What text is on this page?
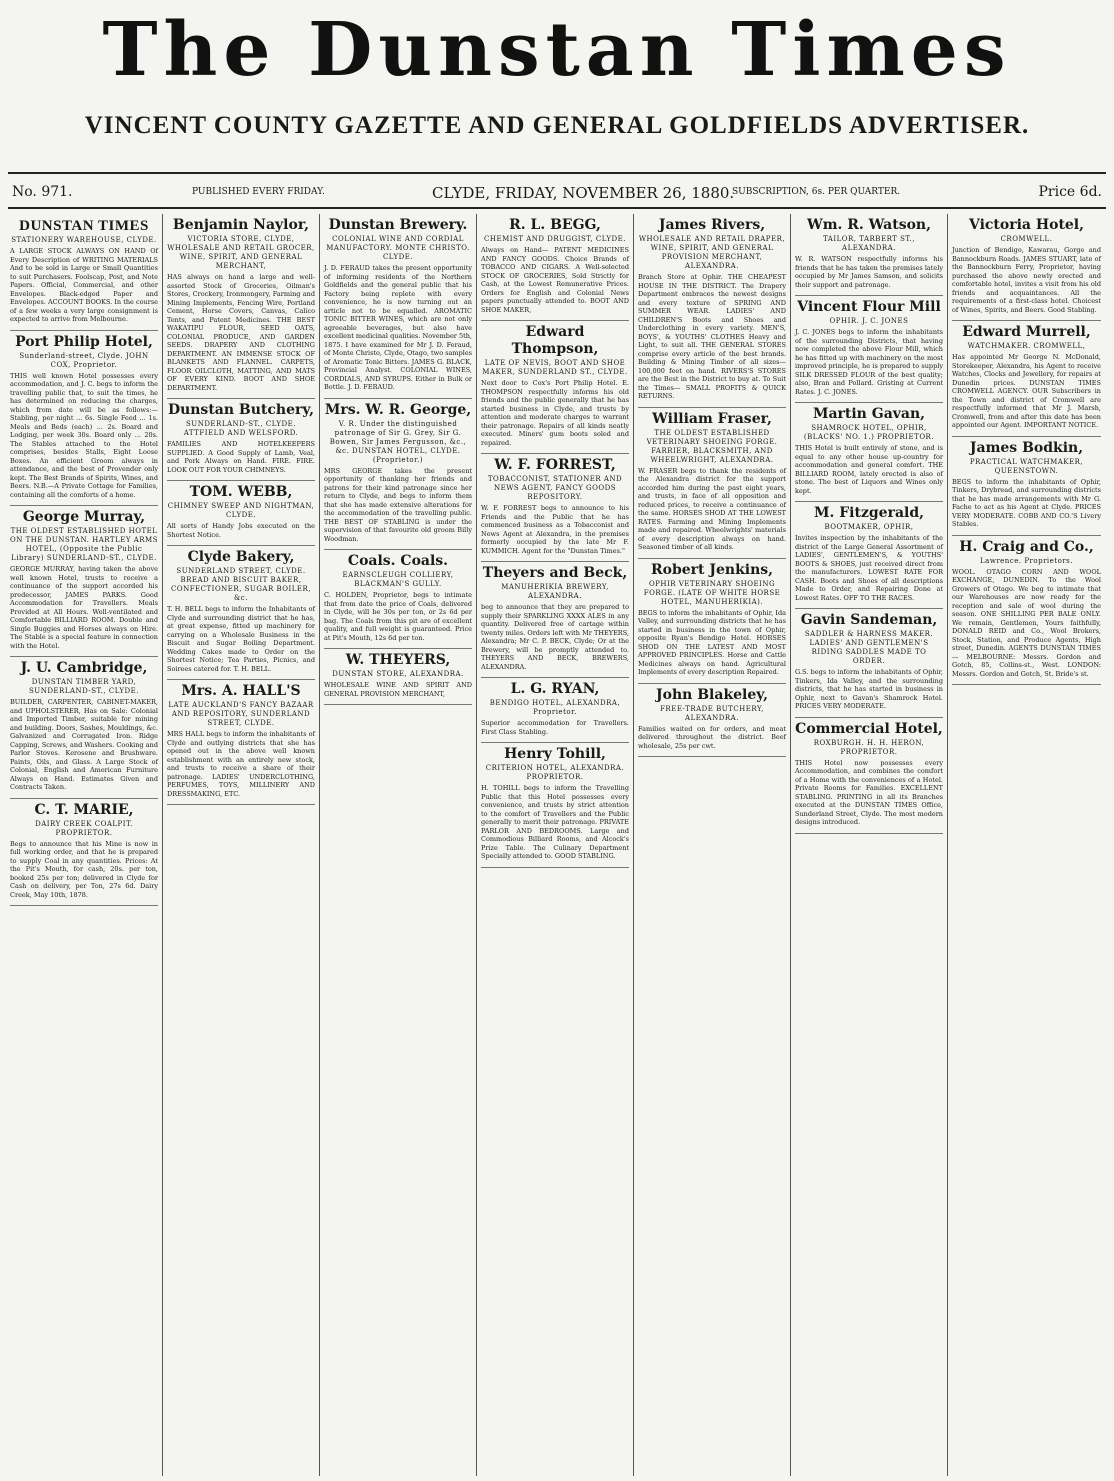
The Dunstan Times
VINCENT COUNTY GAZETTE AND GENERAL GOLDFIELDS ADVERTISER.
No. 971.	PUBLISHED EVERY FRIDAY.	CLYDE, FRIDAY, NOVEMBER 26, 1880.
SUBSCRIPTION, 6s. PER QUARTER.	Price 6d.
DUNSTAN TIMES
STATIONERY WAREHOUSE, CLYDE.
A LARGE STOCK ALWAYS ON HAND Of Every Description of WRITING MATERIALS And to be sold in Large or Small Quantities to suit Purchasers. Foolscap, Post, and Note Papers. Official, Commercial, and other Envelopes. Black-edged Paper and Envelopes. ACCOUNT BOOKS. In the course of a few weeks a very large consignment is expected to arrive from Melbourne.
Port Philip Hotel,
Sunderland-street, Clyde. JOHN COX, Proprietor.
THIS well known Hotel possesses every accommodation, and J. C. begs to inform the travelling public that, to suit the times, he has determined on reducing the charges, which from date will be as follows:— Stabling, per night ... 6s. Single Feed ... 1s. Meals and Beds (each) ... 2s. Board and Lodging, per week 30s. Board only ... 20s. The Stables attached to the Hotel comprises, besides Stalls, Eight Loose Boxes. An efficient Groom always in attendance, and the best of Provender only kept. The Best Brands of Spirits, Wines, and Beers. N.B.—A Private Cottage for Families, containing all the comforts of a home.
George Murray,
THE OLDEST ESTABLISHED HOTEL ON THE DUNSTAN. HARTLEY ARMS HOTEL, (Opposite the Public Library) SUNDERLAND-ST., CLYDE.
GEORGE MURRAY, having taken the above well known Hotel, trusts to receive a continuance of the support accorded his predecessor, JAMES PARKS. Good Accommodation for Travellers. Meals Provided at All Hours. Well-ventilated and Comfortable BILLIARD ROOM. Double and Single Buggies and Horses always on Hire. The Stable is a special feature in connection with the Hotel.
J. U. Cambridge,
DUNSTAN TIMBER YARD, SUNDERLAND-ST., CLYDE.
BUILDER, CARPENTER, CABINET-MAKER, and UPHOLSTERER, Has on Sale: Colonial and Imported Timber, suitable for mining and building. Doors, Sashes, Mouldings, &c. Galvanized and Corrugated Iron. Ridge Capping, Screws, and Washers. Cooking and Parlor Stoves. Kerosene and Brushware. Paints, Oils, and Glass. A Large Stock of Colonial, English and American Furniture Always on Hand. Estimates Given and Contracts Taken.
C. T. MARIE,
DAIRY CREEK COALPIT. PROPRIETOR.
Begs to announce that his Mine is now in full working order, and that he is prepared to supply Coal in any quantities. Prices: At the Pit's Mouth, for cash, 20s. per ton, booked 25s per ton; delivered in Clyde for Cash on delivery, per Ton, 27s 6d. Dairy Creek, May 10th, 1878.
Benjamin Naylor,
VICTORIA STORE, CLYDE, WHOLESALE AND RETAIL GROCER, WINE, SPIRIT, AND GENERAL MERCHANT,
HAS always on hand a large and well-assorted Stock of Groceries, Oilman's Stores, Crockery, Ironmongery, Farming and Mining Implements, Fencing Wire, Portland Cement, Horse Covers, Canvas, Calico Tents, and Patent Medicines. THE BEST WAKATIPU FLOUR, SEED OATS, COLONIAL PRODUCE, AND GARDEN SEEDS. DRAPERY AND CLOTHING DEPARTMENT. AN IMMENSE STOCK OF BLANKETS AND FLANNEL. CARPETS, FLOOR OILCLOTH, MATTING, AND MATS OF EVERY KIND. BOOT AND SHOE DEPARTMENT.
Dunstan Butchery,
SUNDERLAND-ST., CLYDE. ATTFIELD AND WELSFORD.
FAMILIES AND HOTELKEEPERS SUPPLIED. A Good Supply of Lamb, Veal, and Pork Always on Hand. FIRE. FIRE. LOOK OUT FOR YOUR CHIMNEYS.
TOM. WEBB,
CHIMNEY SWEEP AND NIGHTMAN, CLYDE.
All sorts of Handy Jobs executed on the Shortest Notice.
Clyde Bakery,
SUNDERLAND STREET, CLYDE. BREAD AND BISCUIT BAKER, CONFECTIONER, SUGAR BOILER, &c.
T. H. BELL begs to inform the Inhabitants of Clyde and surrounding district that he has, at great expense, fitted up machinery for carrying on a Wholesale Business in the Biscuit and Sugar Boiling Department. Wedding Cakes made to Order on the Shortest Notice; Tea Parties, Picnics, and Soirees catered for. T. H. BELL.
Mrs. A. HALL'S
LATE AUCKLAND'S FANCY BAZAAR AND REPOSITORY, SUNDERLAND STREET, CLYDE.
MRS HALL begs to inform the inhabitants of Clyde and outlying districts that she has opened out in the above well known establishment with an entirely new stock, and trusts to receive a share of their patronage. LADIES' UNDERCLOTHING, PERFUMES, TOYS, MILLINERY AND DRESSMAKING, ETC.
Dunstan Brewery.
COLONIAL WINE AND CORDIAL MANUFACTORY. MONTE CHRISTO. CLYDE.
J. D. FERAUD takes the present opportunity of informing residents of the Northern Goldfields and the general public that his Factory being replete with every convenience, he is now turning out an article not to be equalled. AROMATIC TONIC BITTER WINES, which are not only agreeable beverages, but also have excellent medicinal qualities. November 5th, 1875. I have examined for Mr J. D. Feraud, of Monte Christo, Clyde, Otago, two samples of Aromatic Tonic Bitters. JAMES G. BLACK, Provincial Analyst. COLONIAL WINES, CORDIALS, AND SYRUPS. Either in Bulk or Bottle. J. D. FERAUD.
Mrs. W. R. George,
V. R. Under the distinguished patronage of Sir G. Grey, Sir G. Bowen, Sir James Fergusson, &c., &c. DUNSTAN HOTEL, CLYDE. (Proprietor.)
MRS GEORGE takes the present opportunity of thanking her friends and patrons for their kind patronage since her return to Clyde, and begs to inform them that she has made extensive alterations for the accommodation of the travelling public. THE BEST OF STABLING is under the supervision of that favourite old groom Billy Woodman.
Coals. Coals.
EARNSCLEUGH COLLIERY, BLACKMAN'S GULLY.
C. HOLDEN, Proprietor, begs to intimate that from date the price of Coals, delivered in Clyde, will be 30s per ton, or 2s 6d per bag. The Coals from this pit are of excellent quality, and full weight is guaranteed. Price at Pit's Mouth, 12s 6d per ton.
W. THEYERS,
DUNSTAN STORE, ALEXANDRA.
WHOLESALE WINE AND SPIRIT AND GENERAL PROVISION MERCHANT,
R. L. BEGG,
CHEMIST AND DRUGGIST, CLYDE.
Always on Hand— PATENT MEDICINES AND FANCY GOODS. Choice Brands of TOBACCO AND CIGARS. A Well-selected STOCK OF GROCERIES, Sold Strictly for Cash, at the Lowest Remunerative Prices. Orders for English and Colonial News papers punctually attended to. BOOT AND SHOE MAKER,
Edward Thompson,
LATE OF NEVIS, BOOT AND SHOE MAKER, SUNDERLAND ST., CLYDE.
Next door to Cox's Port Philip Hotel. E. THOMPSON respectfully informs his old friends and the public generally that he has started business in Clyde, and trusts by attention and moderate charges to warrant their patronage. Repairs of all kinds neatly executed. Miners' gum boots soled and repaired.
W. F. FORREST,
TOBACCONIST, STATIONER AND NEWS AGENT, FANCY GOODS REPOSITORY.
W. F. FORREST begs to announce to his Friends and the Public that he has commenced business as a Tobacconist and News Agent at Alexandra, in the premises formerly occupied by the late Mr F. KUMMICH. Agent for the "Dunstan Times."
Theyers and Beck,
MANUHERIKIA BREWERY, ALEXANDRA.
beg to announce that they are prepared to supply their SPARKLING XXXX ALES in any quantity. Delivered free of cartage within twenty miles. Orders left with Mr THEYERS, Alexandra; Mr C. P. BECK, Clyde; Or at the Brewery, will be promptly attended to. THEYERS AND BECK, BREWERS, ALEXANDRA.
L. G. RYAN,
BENDIGO HOTEL, ALEXANDRA, Proprietor.
Superior accommodation for Travellers. First Class Stabling.
Henry Tohill,
CRITERION HOTEL, ALEXANDRA. PROPRIETOR.
H. TOHILL begs to inform the Travelling Public that this Hotel possesses every convenience, and trusts by strict attention to the comfort of Travellers and the Public generally to merit their patronage. PRIVATE PARLOR AND BEDROOMS. Large and Commodious Billiard Rooms, and Alcock's Prize Table. The Culinary Department Specially attended to. GOOD STABLING.
James Rivers,
WHOLESALE AND RETAIL DRAPER, WINE, SPIRIT, AND GENERAL PROVISION MERCHANT, ALEXANDRA.
Branch Store at Ophir. THE CHEAPEST HOUSE IN THE DISTRICT. The Drapery Department embraces the newest designs and every texture of SPRING AND SUMMER WEAR. LADIES' AND CHILDREN'S Boots and Shoes and Underclothing in every variety. MEN'S, BOYS', & YOUTHS' CLOTHES Heavy and Light, to suit all. THE GENERAL STORES comprise every article of the best brands. Building & Mining Timber of all sizes—100,000 feet on hand. RIVERS'S STORES are the Best in the District to buy at. To Suit the Times— SMALL PROFITS & QUICK RETURNS.
William Fraser,
THE OLDEST ESTABLISHED VETERINARY SHOEING FORGE. FARRIER, BLACKSMITH, AND WHEELWRIGHT, ALEXANDRA.
W. FRASER begs to thank the residents of the Alexandra district for the support accorded him during the past eight years, and trusts, in face of all opposition and reduced prices, to receive a continuance of the same. HORSES SHOD AT THE LOWEST RATES. Farming and Mining Implements made and repaired. Wheelwrights' materials of every description always on hand. Seasoned timber of all kinds.
Robert Jenkins,
OPHIR VETERINARY SHOEING FORGE. (LATE OF WHITE HORSE HOTEL, MANUHERIKIA).
BEGS to inform the inhabitants of Ophir, Ida Valley, and surrounding districts that he has started in business in the town of Ophir, opposite Ryan's Bendigo Hotel. HORSES SHOD ON THE LATEST AND MOST APPROVED PRINCIPLES. Horse and Cattle Medicines always on hand. Agricultural Implements of every description Repaired.
John Blakeley,
FREE-TRADE BUTCHERY, ALEXANDRA.
Families waited on for orders, and meat delivered throughout the district. Beef wholesale, 25s per cwt.
Wm. R. Watson,
TAILOR, TARBERT ST., ALEXANDRA.
W. R. WATSON respectfully informs his friends that he has taken the premises lately occupied by Mr James Samson, and solicits their support and patronage.
Vincent Flour Mill
OPHIR. J. C. JONES
J. C. JONES begs to inform the inhabitants of the surrounding Districts, that having now completed the above Flour Mill, which he has fitted up with machinery on the most improved principle, he is prepared to supply SILK DRESSED FLOUR of the best quality; also, Bran and Pollard. Gristing at Current Rates. J. C. JONES.
Martin Gavan,
SHAMROCK HOTEL, OPHIR, (BLACKS' NO. 1.) PROPRIETOR.
THIS Hotel is built entirely of stone, and is equal to any other house up-country for accommodation and general comfort. THE BILLIARD ROOM, lately erected is also of stone. The best of Liquors and Wines only kept.
M. Fitzgerald,
BOOTMAKER, OPHIR,
Invites inspection by the inhabitants of the district of the Large General Assortment of LADIES', GENTLEMEN'S, & YOUTHS' BOOTS & SHOES, just received direct from the manufacturers. LOWEST RATE FOR CASH. Boots and Shoes of all descriptions Made to Order, and Repairing Done at Lowest Rates. OFF TO THE RACES.
Gavin Sandeman,
SADDLER & HARNESS MAKER. LADIES' AND GENTLEMEN'S RIDING SADDLES MADE TO ORDER.
G.S. begs to inform the inhabitants of Ophir, Tinkers, Ida Valley, and the surrounding districts, that he has started in business in Ophir, next to Gavan's Shamrock Hotel. PRICES VERY MODERATE.
Commercial Hotel,
ROXBURGH. H. H. HERON, PROPRIETOR.
THIS Hotel now possesses every Accommodation, and combines the comfort of a Home with the conveniences of a Hotel. Private Rooms for Families. EXCELLENT STABLING. PRINTING in all its Branches executed at the DUNSTAN TIMES Office, Sunderland Street, Clyde. The most modern designs introduced.
Victoria Hotel,
CROMWELL.
Junction of Bendigo, Kawarau, Gorge and Bannockburn Roads. JAMES STUART, late of the Bannockburn Ferry, Proprietor, having purchased the above newly erected and comfortable hotel, invites a visit from his old friends and acquaintances. All the requirements of a first-class hotel. Choicest of Wines, Spirits, and Beers. Good Stabling.
Edward Murrell,
WATCHMAKER. CROMWELL,
Has appointed Mr George N. McDonald, Storekeeper, Alexandra, his Agent to receive Watches, Clocks and Jewellery, for repairs at Dunedin prices. DUNSTAN TIMES CROMWELL AGENCY. OUR Subscribers in the Town and district of Cromwell are respectfully informed that Mr J. Marsh, Cromwell, from and after this date has been appointed our Agent. IMPORTANT NOTICE.
James Bodkin,
PRACTICAL WATCHMAKER, QUEENSTOWN.
BEGS to inform the inhabitants of Ophir, Tinkers, Drybread, and surrounding districts that he has made arrangements with Mr G. Fache to act as his Agent at Clyde. PRICES VERY MODERATE. COBB AND CO.'S Livery Stables.
H. Craig and Co.,
Lawrence. Proprietors.
WOOL. OTAGO CORN AND WOOL EXCHANGE, DUNEDIN. To the Wool Growers of Otago. We beg to intimate that our Warehouses are now ready for the reception and sale of wool during the season. ONE SHILLING PER BALE ONLY. We remain, Gentlemen, Yours faithfully, DONALD REID and Co., Wool Brokers, Stock, Station, and Produce Agents, High street, Dunedin. AGENTS DUNSTAN TIMES— MELBOURNE: Messrs. Gordon and Gotch, 85, Collins-st., West. LONDON: Messrs. Gordon and Gotch, St. Bride's st.
